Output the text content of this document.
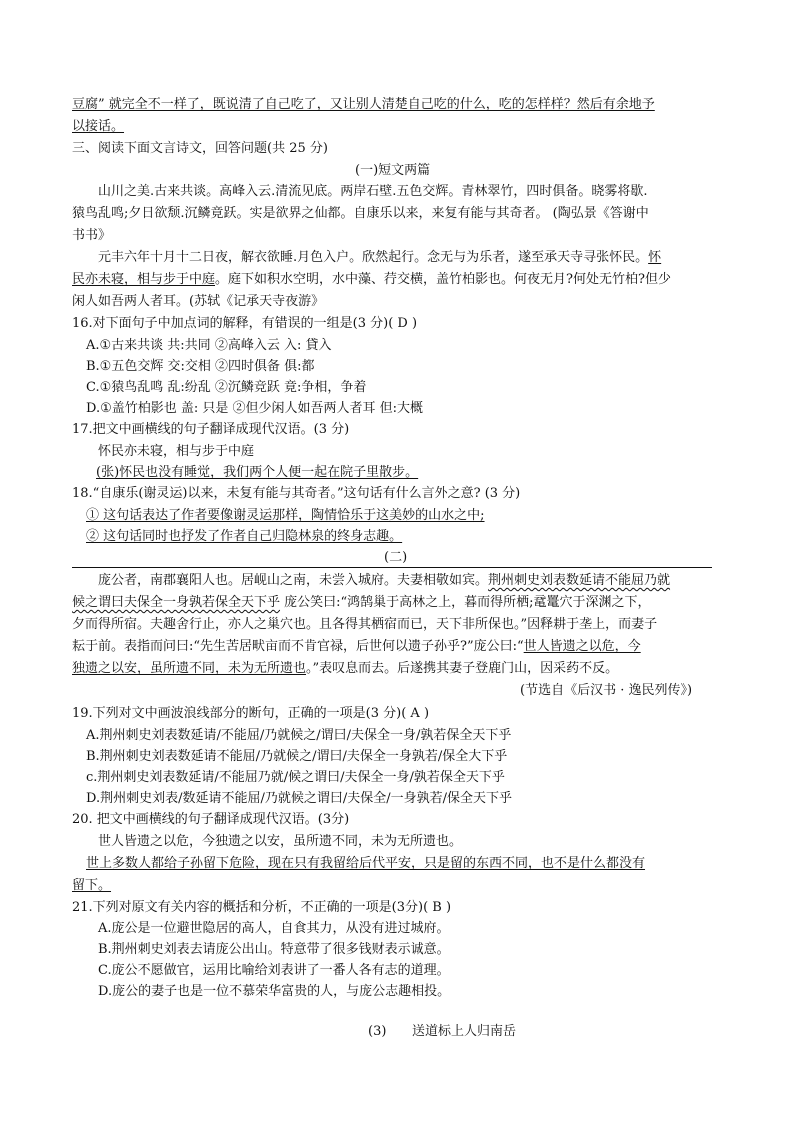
豆腐” 就完全不一样了，既说清了自己吃了，又让别人清楚自己吃的什么，吃的怎样样？然后有余地予
以接话。
三、阅读下面文言诗文，回答问题(共 25 分)
(一)短文两篇
山川之美.古来共谈。高峰入云.清流见底。两岸石壁.五色交辉。青林翠竹，四时俱备。晓雾将歇.
猿鸟乱鸣;夕日欲颓.沉鳞竟跃。实是欲界之仙都。自康乐以来，来复有能与其奇者。 (陶弘景《答谢中
书书》
元丰六年十月十二日夜，解衣欲睡.月色入户。欣然起行。念无与为乐者，遂至承天寺寻张怀民。怀
民亦未寝，相与步于中庭。庭下如积水空明，水中藻、荇交横，盖竹柏影也。何夜无月?何处无竹柏?但少
闲人如吾两人者耳。(苏轼《记承天寺夜游》
16.对下面句子中加点词的解释，有错误的一组是(3 分)( D )
A.①古来共谈 共:共同 ②高峰入云 入: 貸入
B.①五色交辉 交:交相 ②四时俱备 俱:都
C.①猿鸟乱鸣 乱:纷乱 ②沉鳞竞跃 竟:争相，争着
D.①盖竹柏影也 盖: 只是 ②但少闲人如吾两人者耳 但:大概
17.把文中画横线的句子翻译成现代汉语。(3 分)
怀民亦未寝，相与步于中庭
(张)怀民也没有睡觉，我们两个人便一起在院子里散步。
18.“自康乐(谢灵运)以来，未复有能与其奇者。”这句话有什么言外之意? (3 分)
① 这句话表达了作者要像谢灵运那样，陶情恰乐于这美妙的山水之中;
② 这句话同时也抒发了作者自己归隐林泉的终身志趣。
(二)
庞公者，南郡襄阳人也。居岘山之南，未尝入城府。夫妻相敬如宾。荆州刺史刘表数延请不能屈乃就
候之谓曰夫保全一身孰若保全天下乎 庞公笑曰:“鸿鹄巢于高林之上，暮而得所栖;鼋鼍穴于深渊之下，
夕而得所宿。夫趣舍行止，亦人之巢穴也。且各得其栖宿而已，天下非所保也。”因释耕于垄上，而妻子
耘于前。表指而问曰:“先生苦居畎亩而不肯官禄，后世何以遗子孙乎?”庞公曰:“世人皆遗之以危，今
独遗之以安，虽所遗不同，未为无所遗也。”表叹息而去。后遂携其妻子登鹿门山，因采药不反。
(节选自《后汉书 · 逸民列传》)
19.下列对文中画波浪线部分的断句，正确的一项是(3 分)( A )
A.荆州刺史刘表数延请/不能屈/乃就候之/谓曰/夫保全一身/孰若保全天下乎
B.荆州刺史刘表数延请不能屈/乃就候之/谓曰/夫保全一身孰若/保全大下乎
c.荆州刺史刘表数延请/不能屈乃就/候之谓曰/夫保全一身/孰若保全天下乎
D.荆州刺史刘表/数延请不能屈/乃就候之谓曰/夫保全/一身孰若/保全天下乎
20. 把文中画横线的句子翻译成现代汉语。(3分)
世人皆遗之以危，今独遗之以安，虽所遗不同，未为无所遗也。
世上多数人都给子孙留下危险，现在只有我留给后代平安，只是留的东西不同，也不是什么都没有
留下。
21.下列对原文有关内容的概括和分析，不正确的一项是(3分)( B )
A.庞公是一位避世隐居的高人，自食其力，从没有进过城府。
B.荆州刺史刘表去请庞公出山。特意带了很多钱财表示诚意。
C.庞公不愿做官，运用比喻给刘表讲了一番人各有志的道理。
D.庞公的妻子也是一位不慕荣华富贵的人，与庞公志趣相投。
(3) 送道标上人归南岳
